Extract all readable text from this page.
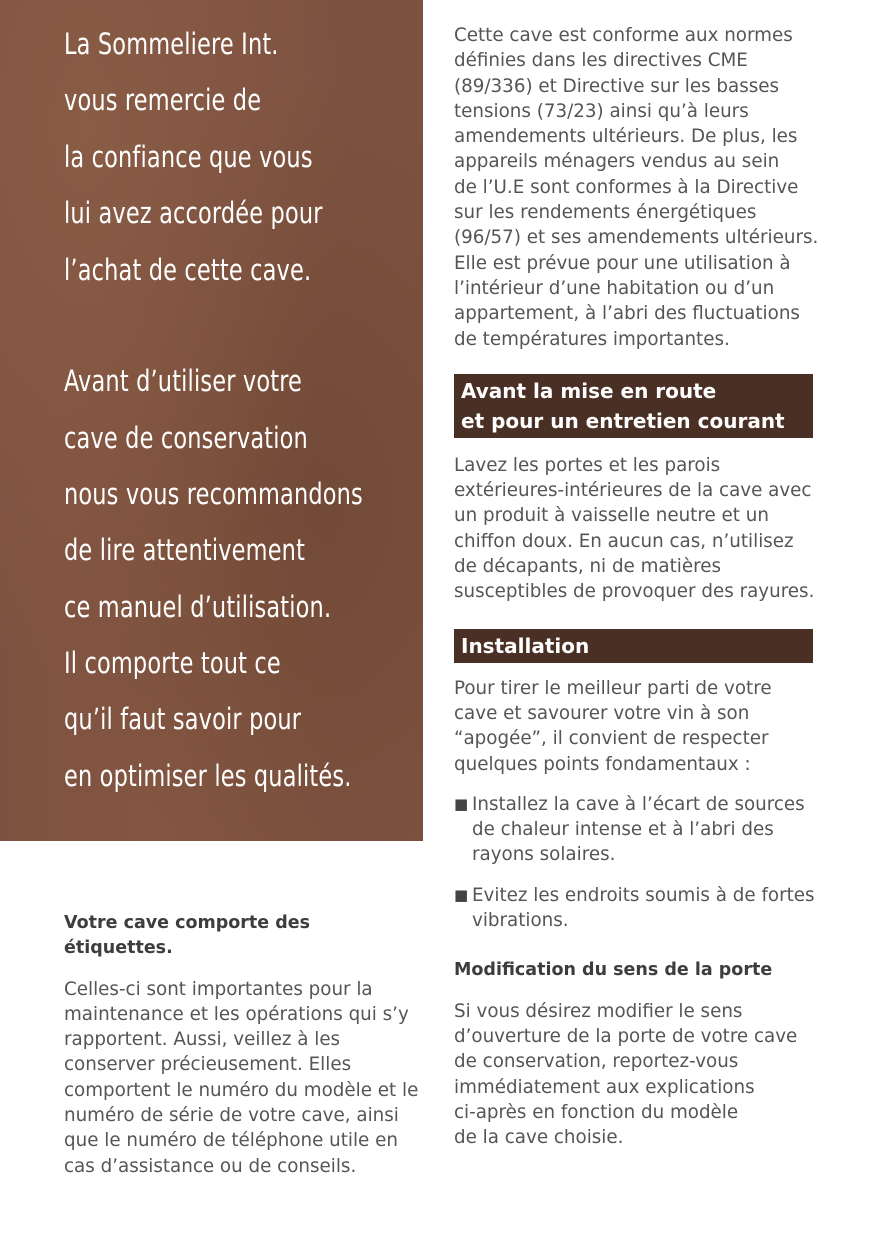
La Sommeliere Int.

vous remercie de

la confiance que vous

lui avez accordée pour

l’achat de cette cave.

Avant d’utiliser votre

cave de conservation

nous vous recommandons

de lire attentivement

ce manuel d’utilisation.

Il comporte tout ce

qu’il faut savoir pour

en optimiser les qualités.

Cette cave est conforme aux normes

définies dans les directives CME

(89/336) et Directive sur les basses

tensions (73/23) ainsi qu’à leurs

amendements ultérieurs. De plus, les

appareils ménagers vendus au sein

de l’U.E sont conformes à la Directive

sur les rendements énergétiques

(96/57) et ses amendements ultérieurs.

Elle est prévue pour une utilisation à

l’intérieur d’une habitation ou d’un

appartement, à l’abri des fluctuations

de températures importantes.

Avant la mise en route
et pour un entretien courant

Lavez les portes et les parois

extérieures-intérieures de la cave avec

un produit à vaisselle neutre et un

chiffon doux. En aucun cas, n’utilisez

de décapants, ni de matières

susceptibles de provoquer des rayures.

Installation

Pour tirer le meilleur parti de votre

cave et savourer votre vin à son

“apogée”, il convient de respecter

quelques points fondamentaux :

■ Installez la cave à l’écart de sources

de chaleur intense et à l’abri des

rayons solaires.

■ Evitez les endroits soumis à de fortes

vibrations.

Modification du sens de la porte

Si vous désirez modifier le sens

d’ouverture de la porte de votre cave

de conservation, reportez-vous

immédiatement aux explications

ci-après en fonction du modèle

de la cave choisie.

Votre cave comporte des étiquettes.

Celles-ci sont importantes pour la

maintenance et les opérations qui s’y

rapportent. Aussi, veillez à les

conserver précieusement. Elles

comportent le numéro du modèle et le

numéro de série de votre cave, ainsi

que le numéro de téléphone utile en

cas d’assistance ou de conseils.
